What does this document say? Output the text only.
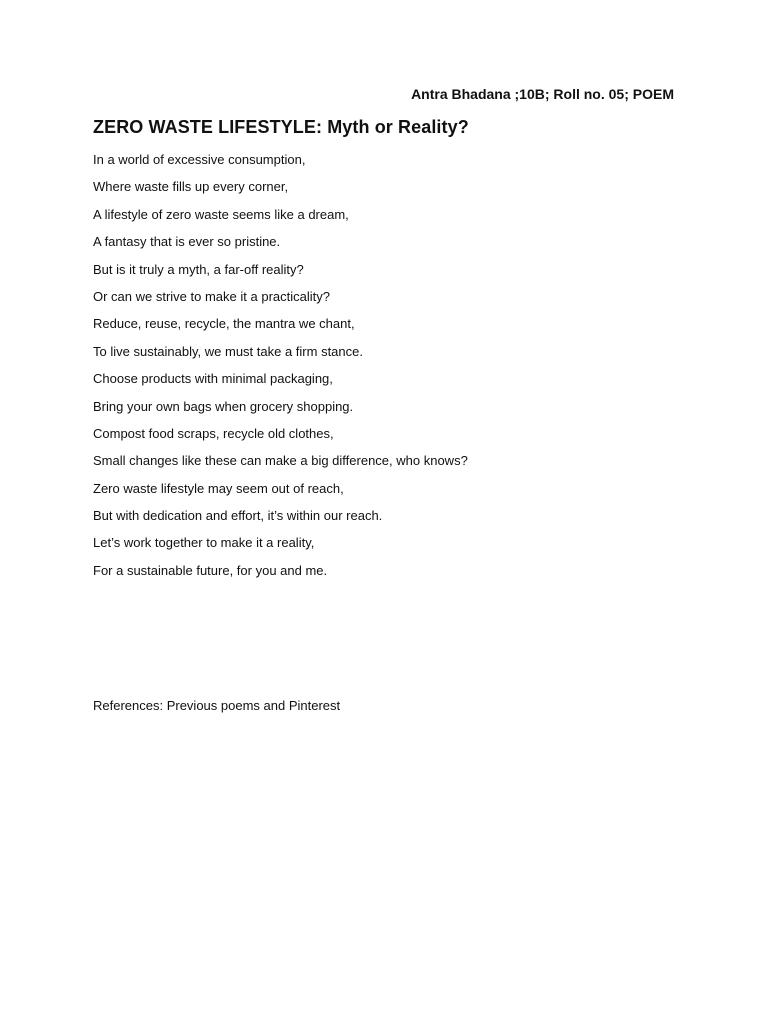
Antra Bhadana ;10B; Roll no. 05; POEM
ZERO WASTE LIFESTYLE: Myth or Reality?
In a world of excessive consumption,
Where waste fills up every corner,
A lifestyle of zero waste seems like a dream,
A fantasy that is ever so pristine.
But is it truly a myth, a far-off reality?
Or can we strive to make it a practicality?
Reduce, reuse, recycle, the mantra we chant,
To live sustainably, we must take a firm stance.
Choose products with minimal packaging,
Bring your own bags when grocery shopping.
Compost food scraps, recycle old clothes,
Small changes like these can make a big difference, who knows?
Zero waste lifestyle may seem out of reach,
But with dedication and effort, it’s within our reach.
Let’s work together to make it a reality,
For a sustainable future, for you and me.
References: Previous poems and Pinterest
